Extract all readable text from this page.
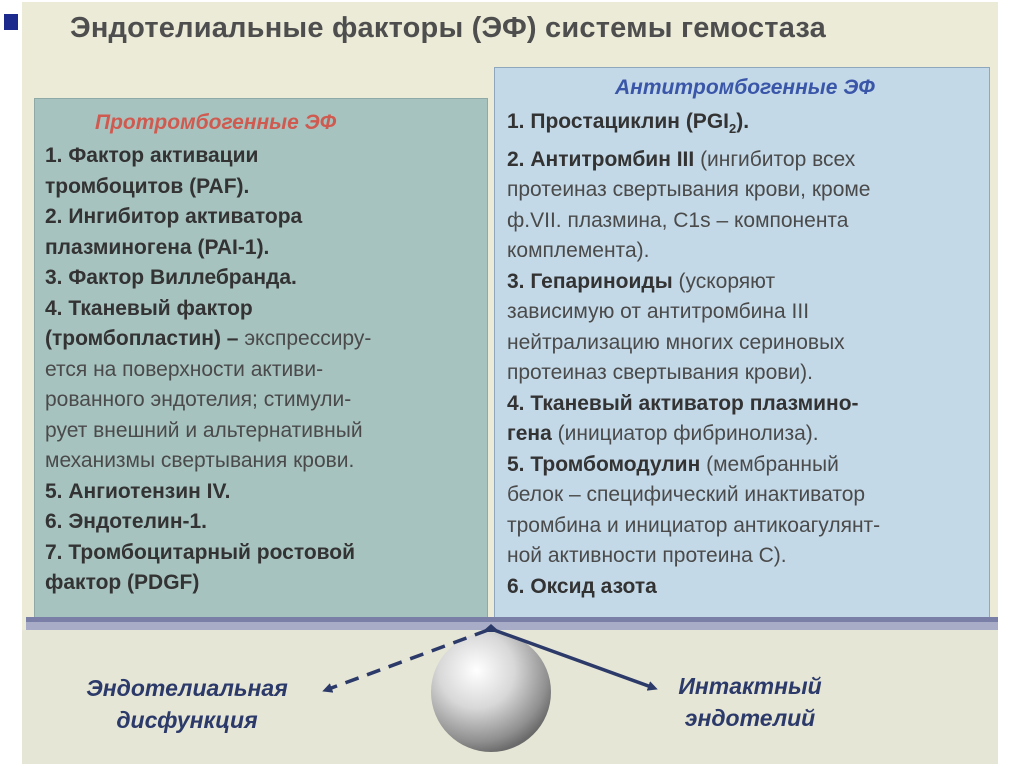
Эндотелиальные факторы (ЭФ) системы гемостаза
Протромбогенные ЭФ
1. Фактор активации
тромбоцитов (PAF).
2. Ингибитор активатора
плазминогена (PAI-1).
3. Фактор Виллебранда.
4. Тканевый фактор
(тромбопластин) – экспрессиру-
ется на поверхности активи-
рованного эндотелия; стимули-
рует внешний и альтернативный
механизмы свертывания крови.
5. Ангиотензин IV.
6. Эндотелин-1.
7. Тромбоцитарный ростовой
фактор (PDGF)
Антитромбогенные ЭФ
1. Простациклин $(PGI_2)$.
2. Антитромбин III (ингибитор всех
протеиназ свертывания крови, кроме
ф.VII. плазмина, C1s – компонента
комплемента).
3. Гепариноиды (ускоряют
зависимую от антитромбина III
нейтрализацию многих сериновых
протеиназ свертывания крови).
4. Тканевый активатор плазмино-
гена (инициатор фибринолиза).
5. Тромбомодулин (мембранный
белок – специфический инактиватор
тромбина и инициатор антикоагулянт-
ной активности протеина С).
6. Оксид азота
Эндотелиальная
дисфункция
Интактный
эндотелий
